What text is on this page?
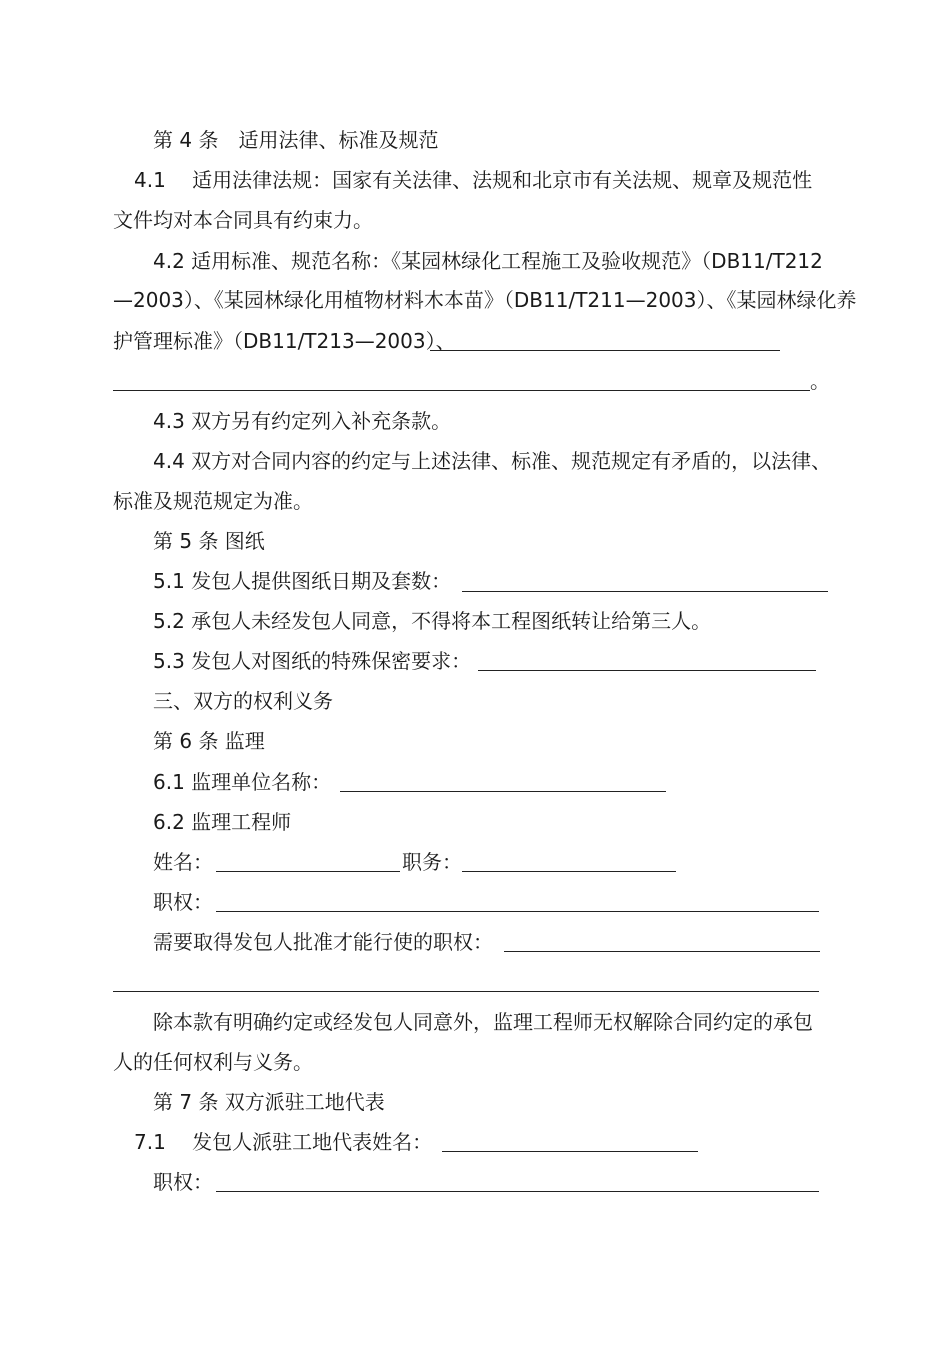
第 4 条　适用法律、标准及规范
4.1　 适用法律法规：国家有关法律、法规和北京市有关法规、规章及规范性
文件均对本合同具有约束力。
4.2 适用标准、规范名称：《某园林绿化工程施工及验收规范》（DB11/T212
—2003）、《某园林绿化用植物材料木本苗》（DB11/T211—2003）、《某园林绿化养
护管理标准》（DB11/T213—2003）、
。
4.3 双方另有约定列入补充条款。
4.4 双方对合同内容的约定与上述法律、标准、规范规定有矛盾的，以法律、
标准及规范规定为准。
第 5 条 图纸
5.1 发包人提供图纸日期及套数：
5.2 承包人未经发包人同意，不得将本工程图纸转让给第三人。
5.3 发包人对图纸的特殊保密要求：
三、双方的权利义务
第 6 条 监理
6.1 监理单位名称：
6.2 监理工程师
姓名：	职务：
职权：
需要取得发包人批准才能行使的职权：
除本款有明确约定或经发包人同意外，监理工程师无权解除合同约定的承包
人的任何权利与义务。
第 7 条 双方派驻工地代表
7.1　 发包人派驻工地代表姓名：
职权：
